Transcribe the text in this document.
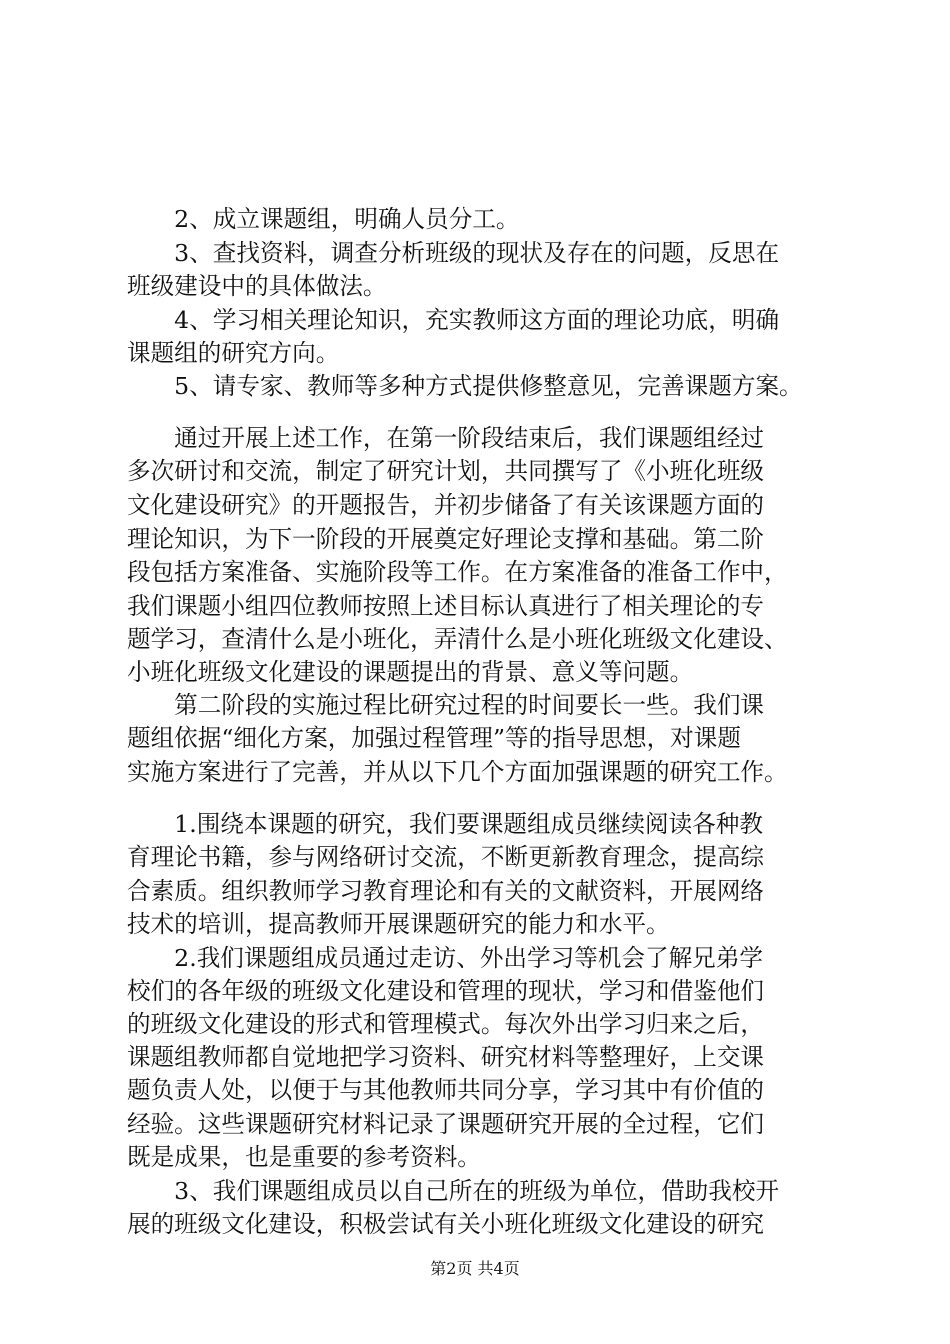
　　2、成立课题组，明确人员分工。
　　3、查找资料，调查分析班级的现状及存在的问题，反思在
班级建设中的具体做法。
　　4、学习相关理论知识，充实教师这方面的理论功底，明确
课题组的研究方向。
　　5、请专家、教师等多种方式提供修整意见，完善课题方案。
　　通过开展上述工作，在第一阶段结束后，我们课题组经过
多次研讨和交流，制定了研究计划，共同撰写了《小班化班级
文化建设研究》的开题报告，并初步储备了有关该课题方面的
理论知识，为下一阶段的开展奠定好理论支撑和基础。第二阶
段包括方案准备、实施阶段等工作。在方案准备的准备工作中，
我们课题小组四位教师按照上述目标认真进行了相关理论的专
题学习，查清什么是小班化，弄清什么是小班化班级文化建设、
小班化班级文化建设的课题提出的背景、意义等问题。
　　第二阶段的实施过程比研究过程的时间要长一些。我们课
题组依据“细化方案，加强过程管理”等的指导思想，对课题
实施方案进行了完善，并从以下几个方面加强课题的研究工作。
　　1.围绕本课题的研究，我们要课题组成员继续阅读各种教
育理论书籍，参与网络研讨交流，不断更新教育理念，提高综
合素质。组织教师学习教育理论和有关的文献资料，开展网络
技术的培训，提高教师开展课题研究的能力和水平。
　　2.我们课题组成员通过走访、外出学习等机会了解兄弟学
校们的各年级的班级文化建设和管理的现状，学习和借鉴他们
的班级文化建设的形式和管理模式。每次外出学习归来之后，
课题组教师都自觉地把学习资料、研究材料等整理好，上交课
题负责人处，以便于与其他教师共同分享，学习其中有价值的
经验。这些课题研究材料记录了课题研究开展的全过程，它们
既是成果，也是重要的参考资料。
　　3、我们课题组成员以自己所在的班级为单位，借助我校开
展的班级文化建设，积极尝试有关小班化班级文化建设的研究
第2页 共4页
